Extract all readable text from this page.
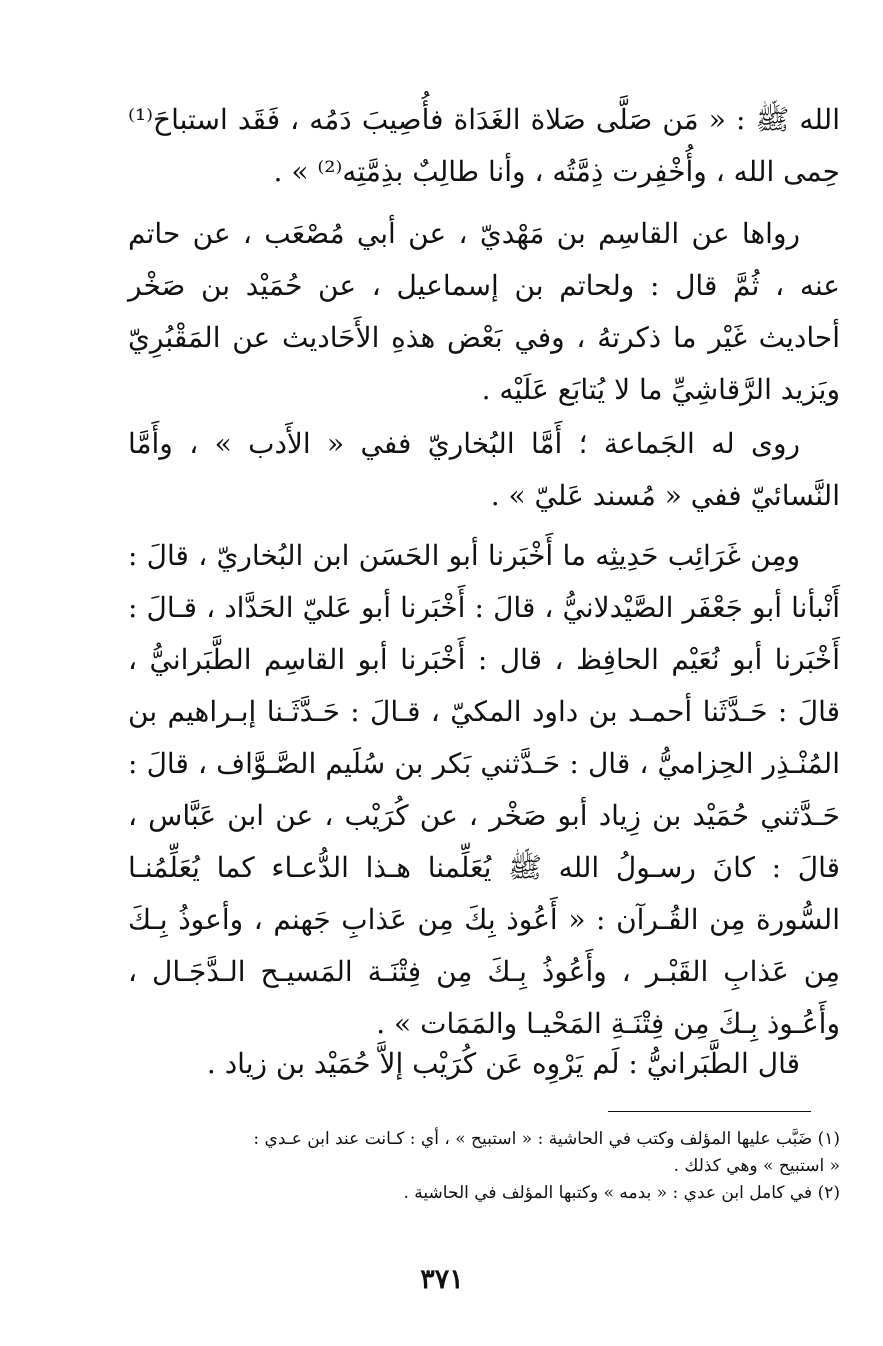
الله ﷺ : « مَن صَلَّى صَلاة الغَدَاة فأُصِيبَ دَمُه ، فَقَد استباحَ⁽¹⁾ حِمى الله ، وأُخْفِرت ذِمَّتُه ، وأنا طالِبٌ بذِمَّتِه⁽²⁾ » .

رواها عن القاسِم بن مَهْديّ ، عن أبي مُصْعَب ، عن حاتم عنه ، ثُمَّ قال : ولحاتم بن إسماعيل ، عن حُمَيْد بن صَخْر أحاديث غَيْر ما ذكرتهُ ، وفي بَعْض هذهِ الأَحَاديث عن المَقْبُرِيّ ويَزيد الرَّقاشِيِّ ما لا يُتابَع عَلَيْه .

روى له الجَماعة ؛ أَمَّا البُخاريّ ففي « الأَدب » ، وأَمَّا النَّسائيّ ففي « مُسند عَليّ » .

ومِن غَرَائِب حَدِيثِه ما أَخْبَرنا أبو الحَسَن ابن البُخاريّ ، قالَ : أَنْبأنا أبو جَعْفَر الصَّيْدلانيُّ ، قالَ : أَخْبَرنا أبو عَليّ الحَدَّاد ، قـالَ : أَخْبَرنا أبو نُعَيْم الحافِظ ، قال : أَخْبَرنا أبو القاسِم الطَّبَرانيُّ ، قالَ : حَـدَّثَنا أحمـد بن داود المكيّ ، قـالَ : حَـدَّثَـنا إبـراهيم بن المُنْـذِر الحِزاميُّ ، قال : حَـدَّثني بَكر بن سُلَيم الصَّـوَّاف ، قالَ : حَـدَّثني حُمَيْد بن زِياد أبو صَخْر ، عن كُرَيْب ، عن ابن عَبَّاس ، قالَ : كانَ رسـولُ الله ﷺ يُعَلِّمنا هـذا الدُّعـاء كما يُعَلِّمُنـا السُّورة مِن القُـرآن : « أَعُوذ بِكَ مِن عَذابِ جَهنم ، وأعوذُ بِـكَ مِن عَذابِ القَبْـر ، وأَعُوذُ بِـكَ مِن فِتْنَـة المَسيـح الـدَّجَـال ، وأَعُـوذ بِـكَ مِن فِتْنَـةِ المَحْيـا والمَمَات » .

قال الطَّبَرانيُّ : لَم يَرْوِه عَن كُرَيْب إلاَّ حُمَيْد بن زياد .

(١) ضَبَّب عليها المؤلف وكتب في الحاشية : « استبيح » ، أي : كـانت عند ابن عـدي :

« استبيح » وهي كذلك .

(٢) في كامل ابن عدي : « بدمه » وكتبها المؤلف في الحاشية .

٣٧١
